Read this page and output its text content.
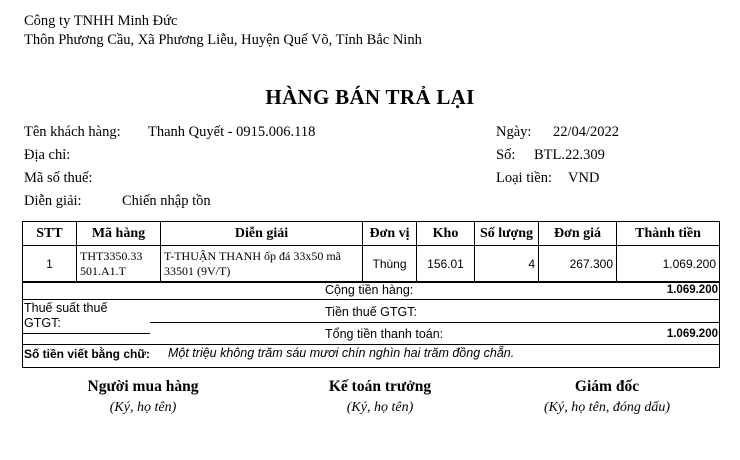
Công ty TNHH Minh Đức
Thôn Phương Cầu, Xã Phương Liễu, Huyện Quế Võ, Tỉnh Bắc Ninh
HÀNG BÁN TRẢ LẠI
Tên khách hàng: Thanh Quyết - 0915.006.118
Địa chỉ:
Mã số thuế:
Diễn giải:	Chiến nhập tồn
Ngày: 22/04/2022
Số: BTL.22.309
Loại tiền: VND
STT	Mã hàng	Diễn giải	Đơn vị	Kho	Số lượng	Đơn giá	Thành tiền
1	THT3350.33 501.A1.T	T-THUẬN THANH ốp đá 33x50 mã 33501 (9V/T)	Thùng	156.01	4	267.300	1.069.200
Cộng tiền hàng:	1.069.200
Thuế suất thuế GTGT:
Tiền thuế GTGT:
Tổng tiền thanh toán:	1.069.200
Số tiền viết bằng chữ: Một triệu không trăm sáu mươi chín nghìn hai trăm đồng chẵn.
Người mua hàng
(Ký, họ tên)
Kế toán trưởng
(Ký, họ tên)
Giám đốc
(Ký, họ tên, đóng dấu)
